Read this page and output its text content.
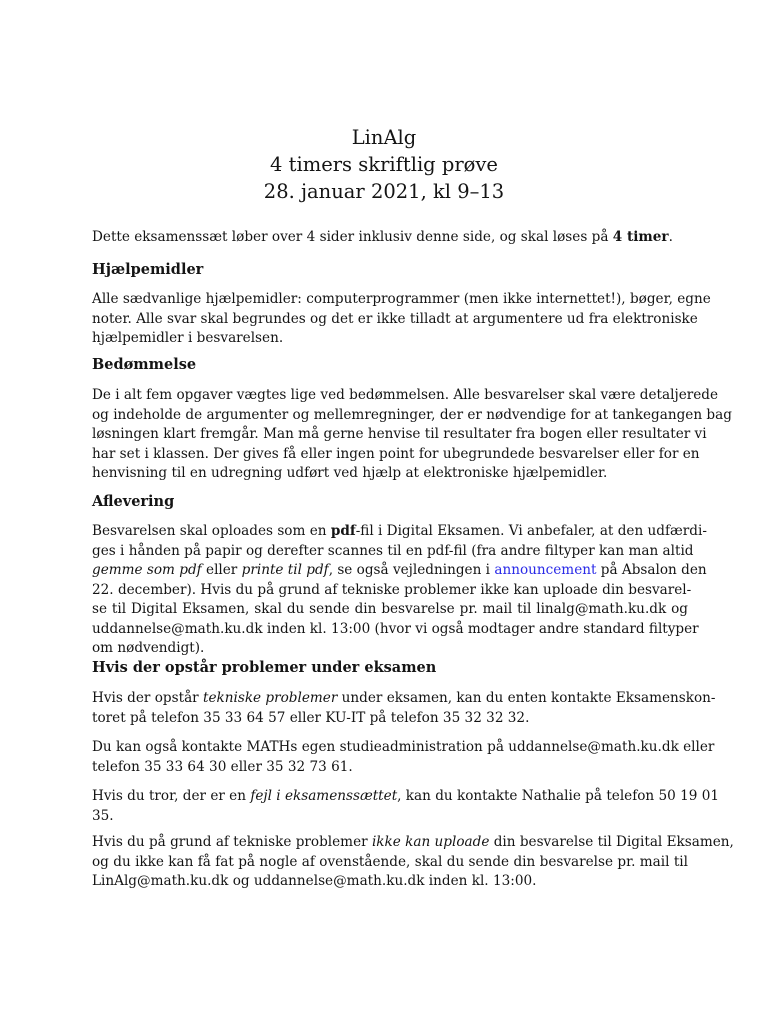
LinAlg
4 timers skriftlig prøve
28. januar 2021, kl 9–13
Dette eksamenssæt løber over 4 sider inklusiv denne side, og skal løses på 4 timer.
Hjælpemidler
Alle sædvanlige hjælpemidler: computerprogrammer (men ikke internettet!), bøger, egne
noter. Alle svar skal begrundes og det er ikke tilladt at argumentere ud fra elektroniske
hjælpemidler i besvarelsen.
Bedømmelse
De i alt fem opgaver vægtes lige ved bedømmelsen. Alle besvarelser skal være detaljerede
og indeholde de argumenter og mellemregninger, der er nødvendige for at tankegangen bag
løsningen klart fremgår. Man må gerne henvise til resultater fra bogen eller resultater vi
har set i klassen. Der gives få eller ingen point for ubegrundede besvarelser eller for en
henvisning til en udregning udført ved hjælp at elektroniske hjælpemidler.
Aflevering
Besvarelsen skal oploades som en pdf-fil i Digital Eksamen. Vi anbefaler, at den udfærdi-
ges i hånden på papir og derefter scannes til en pdf-fil (fra andre filtyper kan man altid
gemme som pdf eller printe til pdf, se også vejledningen i announcement på Absalon den
22. december). Hvis du på grund af tekniske problemer ikke kan uploade din besvarel-
se til Digital Eksamen, skal du sende din besvarelse pr. mail til linalg@math.ku.dk og
uddannelse@math.ku.dk inden kl. 13:00 (hvor vi også modtager andre standard filtyper
om nødvendigt).
Hvis der opstår problemer under eksamen
Hvis der opstår tekniske problemer under eksamen, kan du enten kontakte Eksamenskon-
toret på telefon 35 33 64 57 eller KU-IT på telefon 35 32 32 32.
Du kan også kontakte MATHs egen studieadministration på uddannelse@math.ku.dk eller
telefon 35 33 64 30 eller 35 32 73 61.
Hvis du tror, der er en fejl i eksamenssættet, kan du kontakte Nathalie på telefon 50 19 01
35.
Hvis du på grund af tekniske problemer ikke kan uploade din besvarelse til Digital Eksamen,
og du ikke kan få fat på nogle af ovenstående, skal du sende din besvarelse pr. mail til
LinAlg@math.ku.dk og uddannelse@math.ku.dk inden kl. 13:00.
